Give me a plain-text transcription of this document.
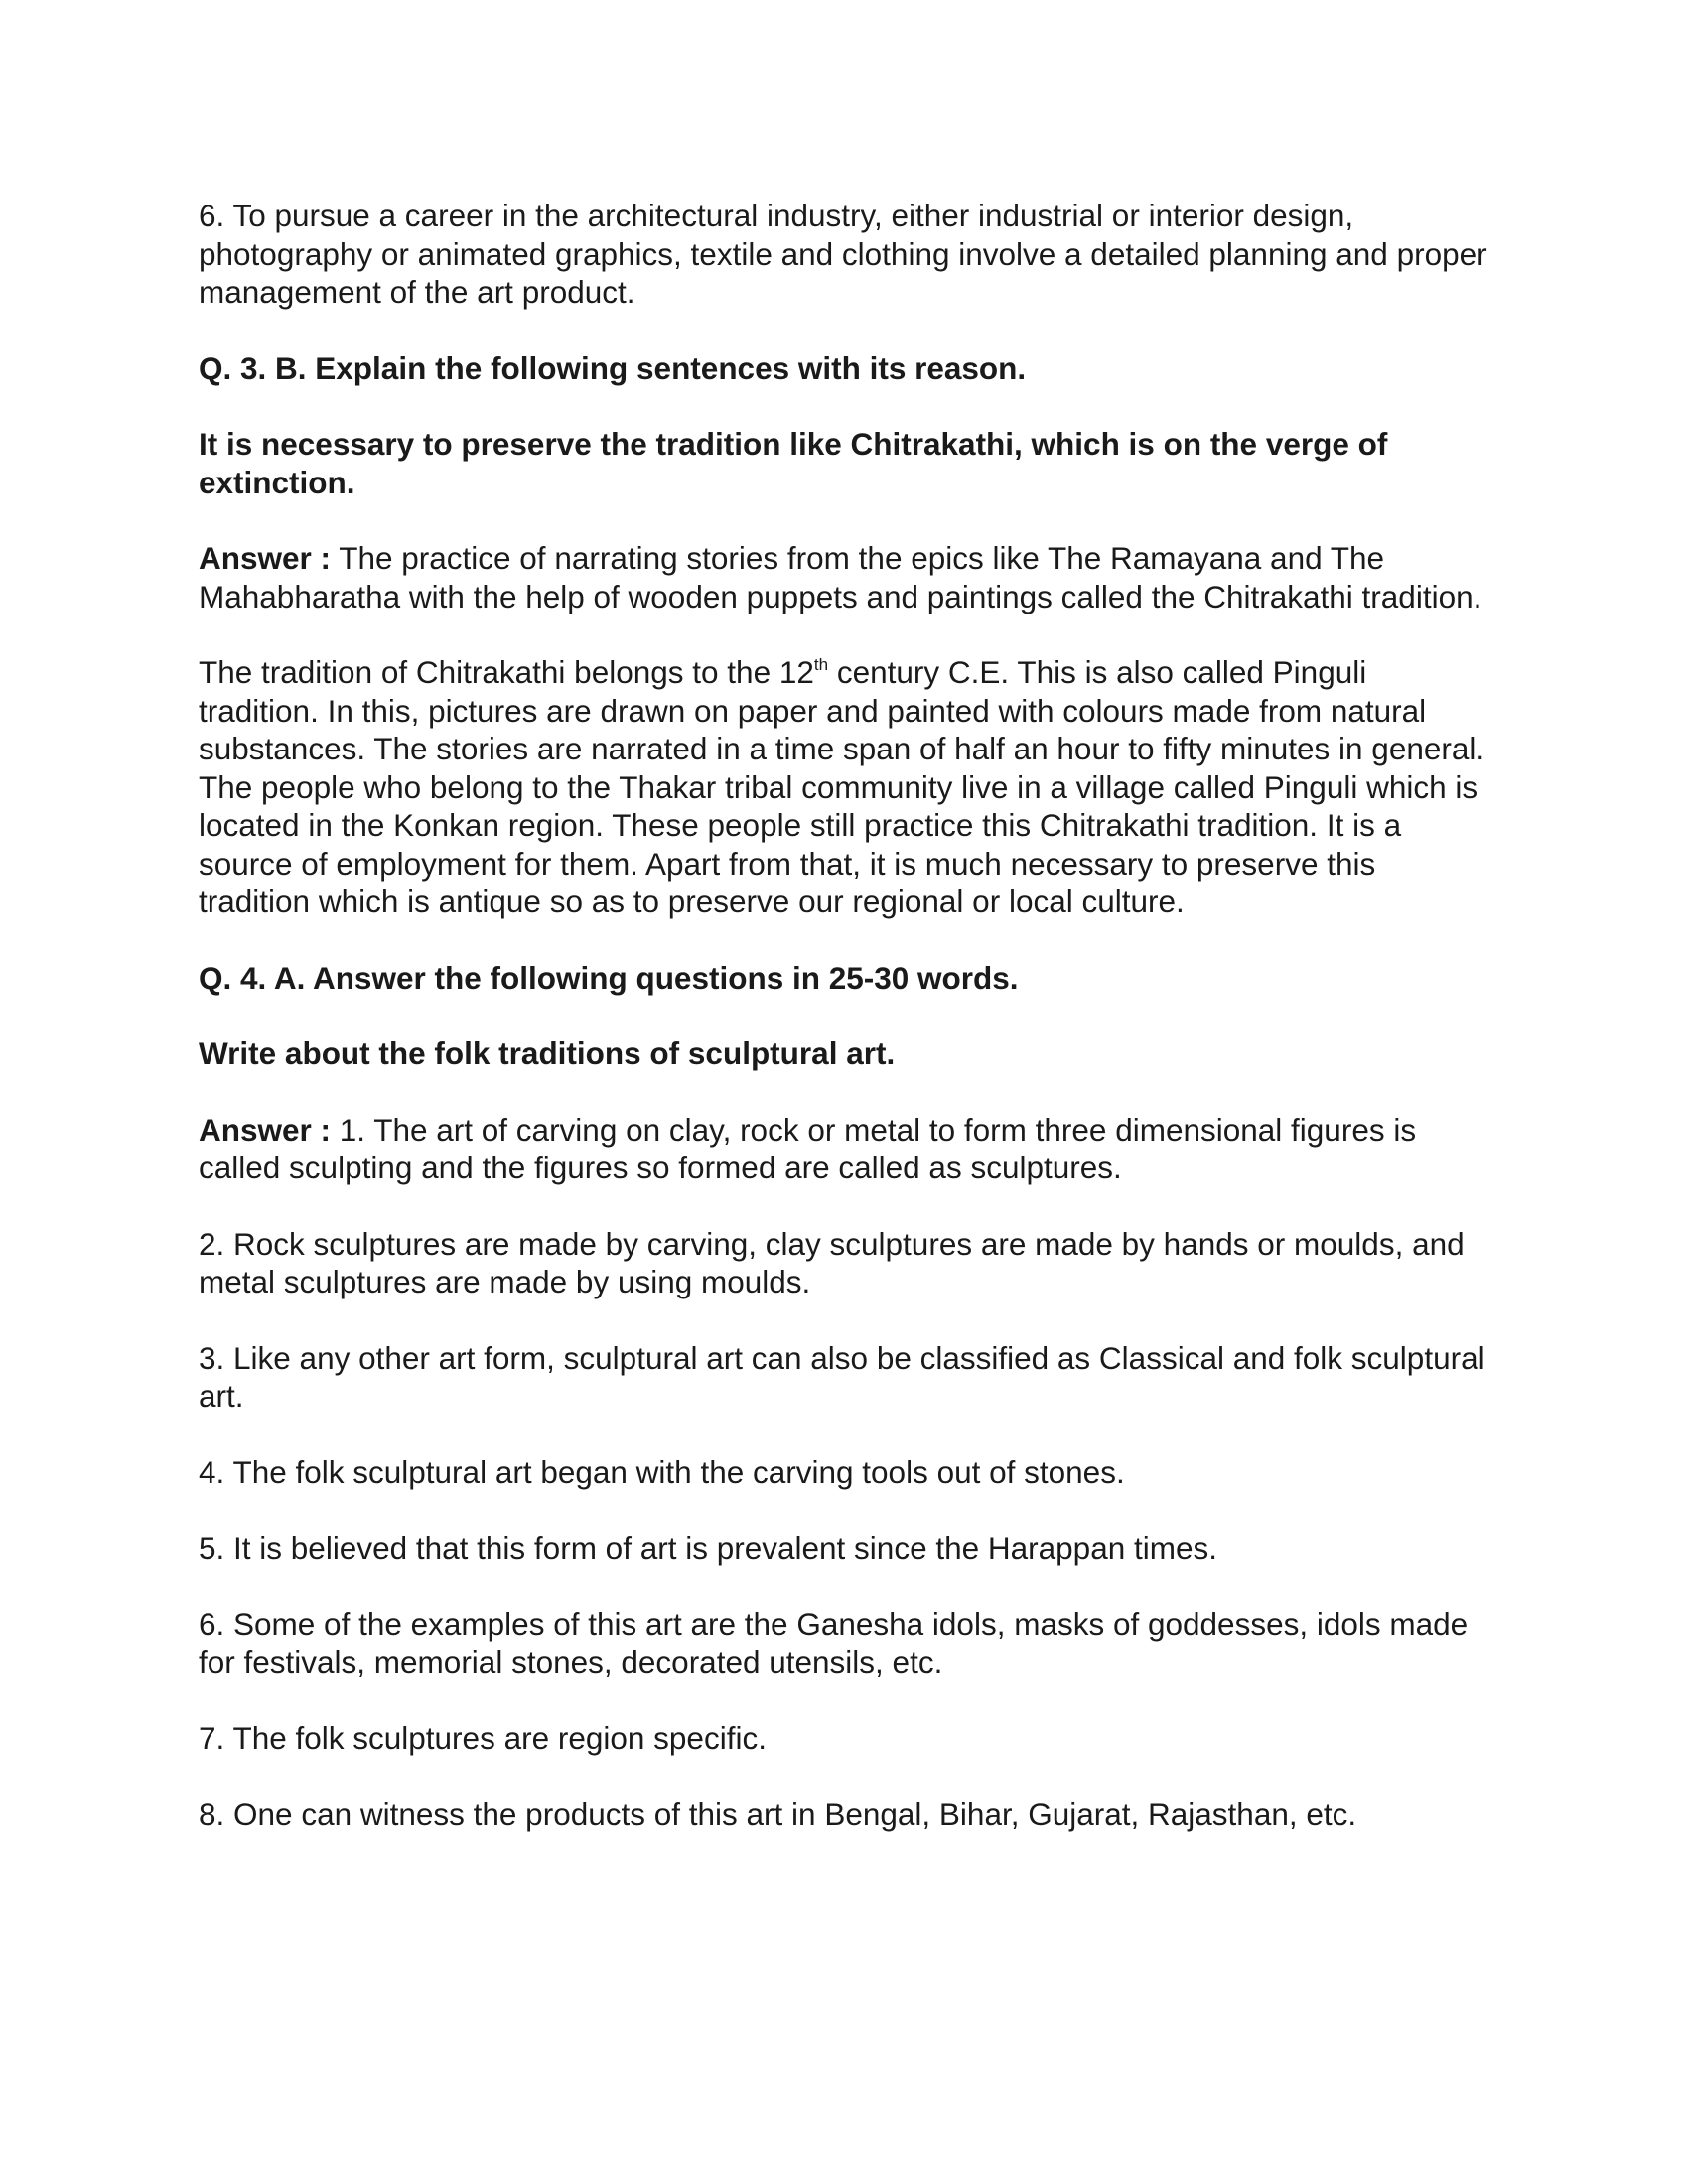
6. To pursue a career in the architectural industry, either industrial or interior design, photography or animated graphics, textile and clothing involve a detailed planning and proper management of the art product.

Q. 3. B. Explain the following sentences with its reason.

It is necessary to preserve the tradition like Chitrakathi, which is on the verge of extinction.

Answer : The practice of narrating stories from the epics like The Ramayana and The Mahabharatha with the help of wooden puppets and paintings called the Chitrakathi tradition.

The tradition of Chitrakathi belongs to the 12th century C.E. This is also called Pinguli tradition. In this, pictures are drawn on paper and painted with colours made from natural substances. The stories are narrated in a time span of half an hour to fifty minutes in general. The people who belong to the Thakar tribal community live in a village called Pinguli which is located in the Konkan region. These people still practice this Chitrakathi tradition. It is a source of employment for them. Apart from that, it is much necessary to preserve this tradition which is antique so as to preserve our regional or local culture.

Q. 4. A. Answer the following questions in 25-30 words.

Write about the folk traditions of sculptural art.

Answer : 1. The art of carving on clay, rock or metal to form three dimensional figures is called sculpting and the figures so formed are called as sculptures.

2. Rock sculptures are made by carving, clay sculptures are made by hands or moulds, and metal sculptures are made by using moulds.

3. Like any other art form, sculptural art can also be classified as Classical and folk sculptural art.

4. The folk sculptural art began with the carving tools out of stones.

5. It is believed that this form of art is prevalent since the Harappan times.

6. Some of the examples of this art are the Ganesha idols, masks of goddesses, idols made for festivals, memorial stones, decorated utensils, etc.

7. The folk sculptures are region specific.

8. One can witness the products of this art in Bengal, Bihar, Gujarat, Rajasthan, etc.
